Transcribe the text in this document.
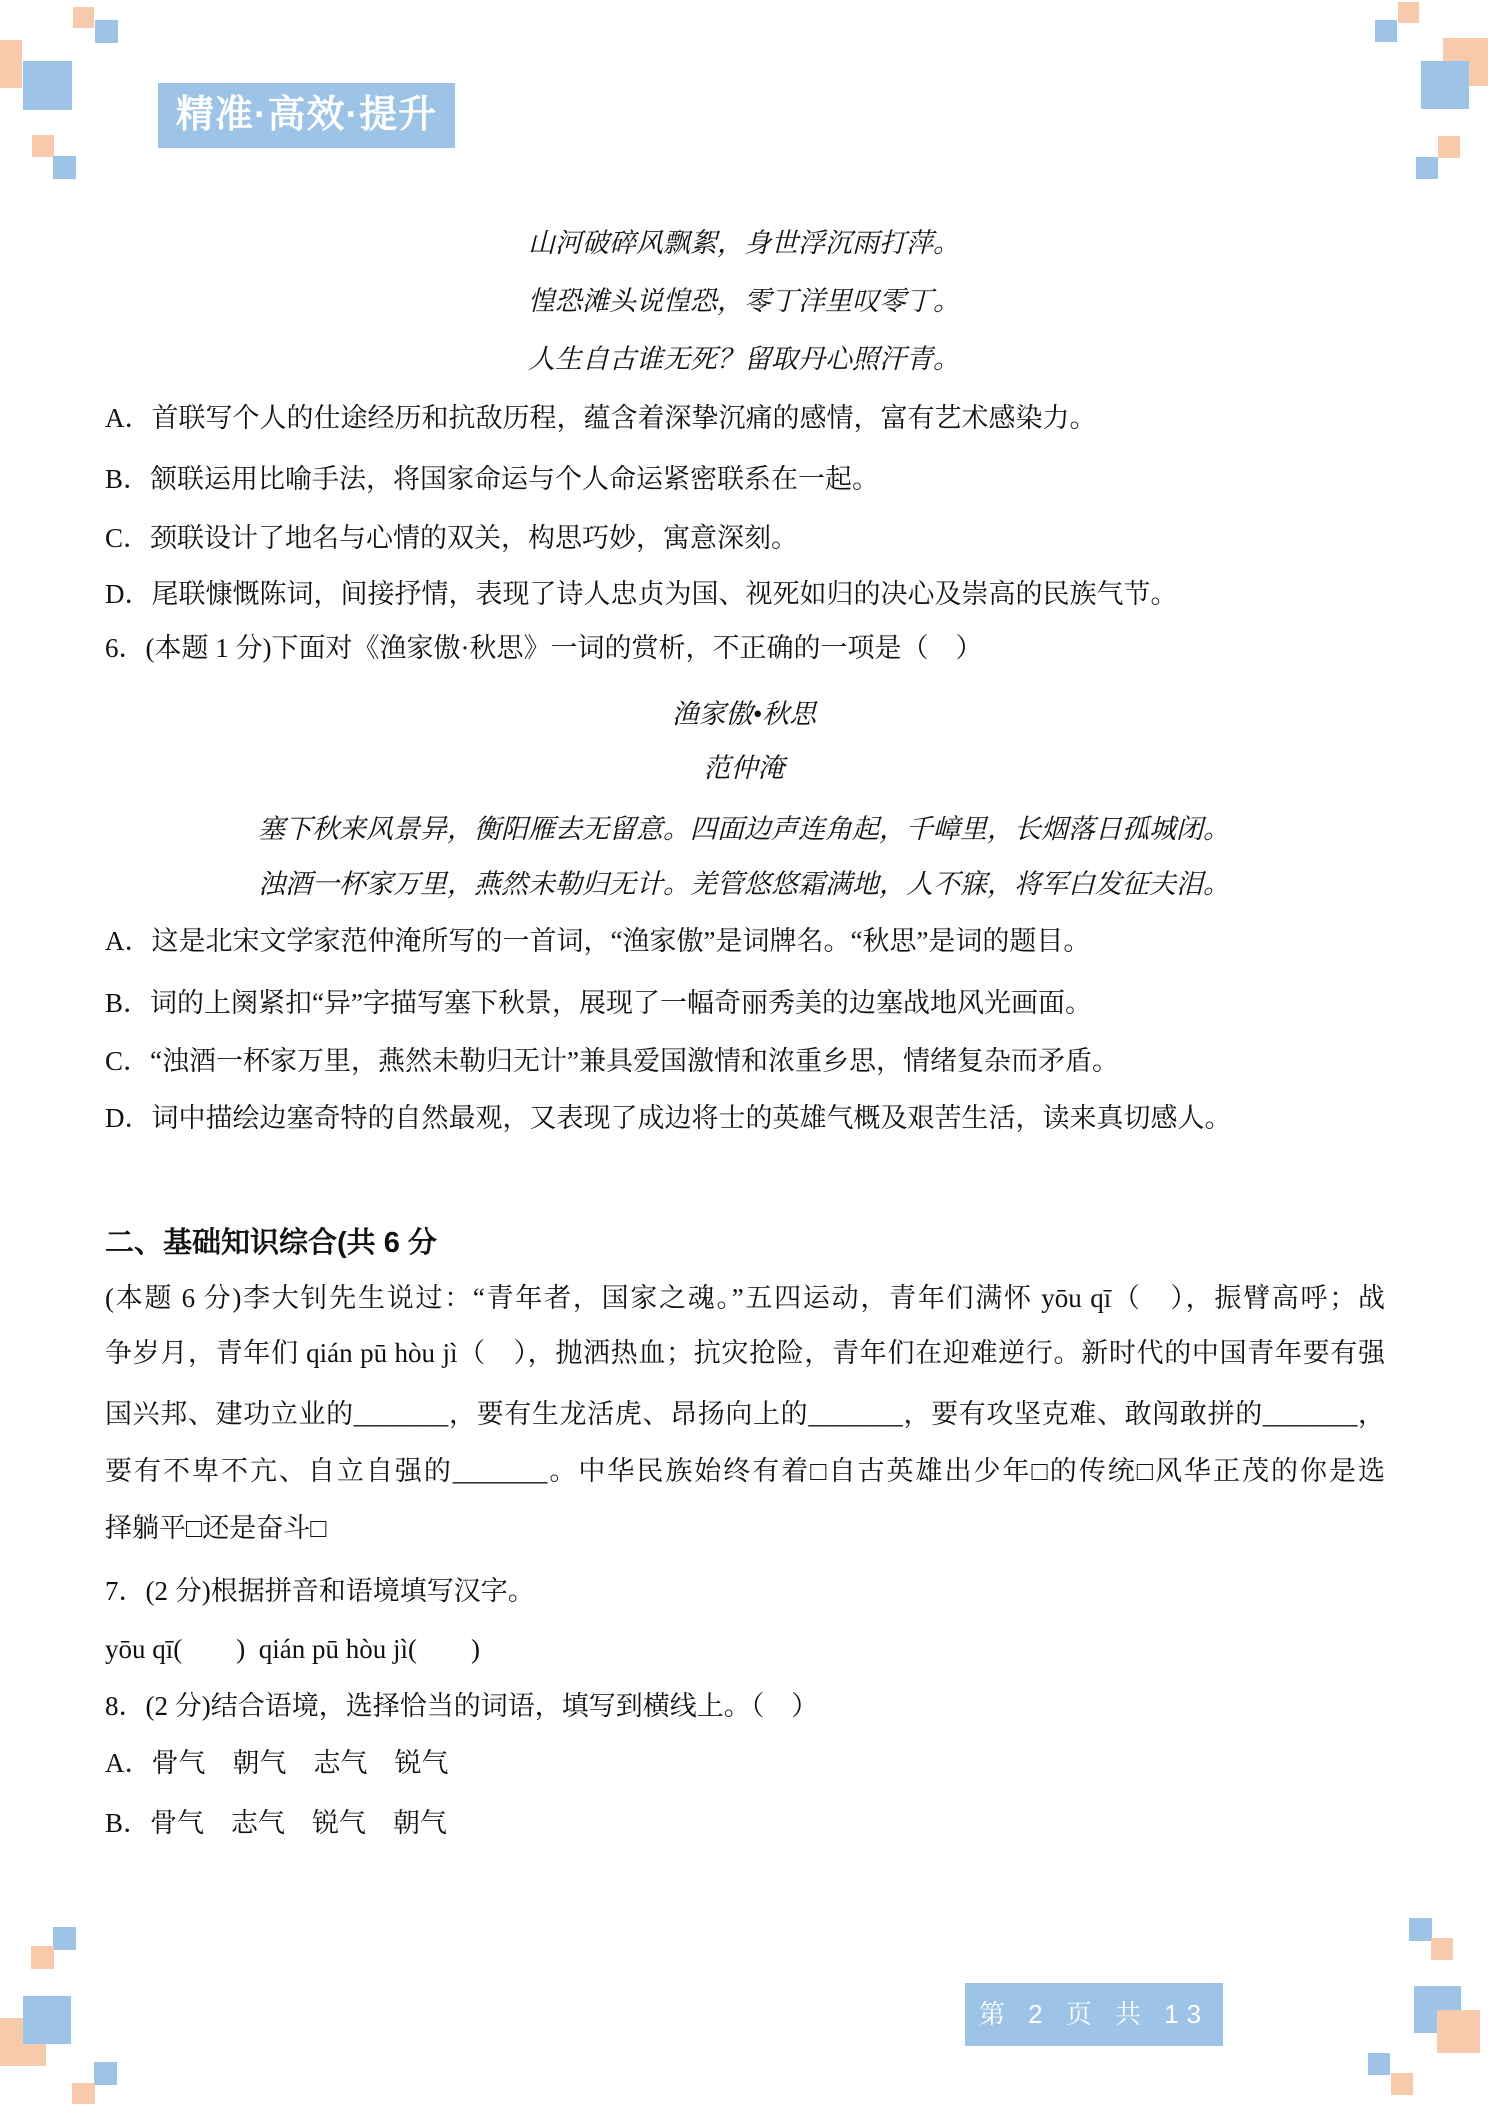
精准·高效·提升
山河破碎风飘絮，身世浮沉雨打萍。
惶恐滩头说惶恐，零丁洋里叹零丁。
人生自古谁无死？留取丹心照汗青。
A．首联写个人的仕途经历和抗敌历程，蕴含着深挚沉痛的感情，富有艺术感染力。
B．颔联运用比喻手法，将国家命运与个人命运紧密联系在一起。
C．颈联设计了地名与心情的双关，构思巧妙，寓意深刻。
D．尾联慷慨陈词，间接抒情，表现了诗人忠贞为国、视死如归的决心及崇高的民族气节。
6．(本题 1 分)下面对《渔家傲·秋思》一词的赏析，不正确的一项是（　）
渔家傲•秋思
范仲淹
塞下秋来风景异，衡阳雁去无留意。四面边声连角起，千嶂里，长烟落日孤城闭。
浊酒一杯家万里，燕然未勒归无计。羌管悠悠霜满地，人不寐，将军白发征夫泪。
A．这是北宋文学家范仲淹所写的一首词，“渔家傲”是词牌名。“秋思”是词的题目。
B．词的上阕紧扣“异”字描写塞下秋景，展现了一幅奇丽秀美的边塞战地风光画面。
C．“浊酒一杯家万里，燕然未勒归无计”兼具爱国激情和浓重乡思，情绪复杂而矛盾。
D．词中描绘边塞奇特的自然最观，又表现了成边将士的英雄气概及艰苦生活，读来真切感人。
二、基础知识综合(共 6 分
(本题 6 分)李大钊先生说过：“青年者，国家之魂。”五四运动，青年们满怀 yōu qī（　），振臂高呼；战
争岁月，青年们 qián pū hòu jì（　），抛洒热血；抗灾抢险，青年们在迎难逆行。新时代的中国青年要有强
国兴邦、建功立业的_______，要有生龙活虎、昂扬向上的_______，要有攻坚克难、敢闯敢拼的_______，
要有不卑不亢、自立自强的_______。中华民族始终有着□自古英雄出少年□的传统□风华正茂的你是选
择躺平□还是奋斗□
7．(2 分)根据拼音和语境填写汉字。
yōu qī(  )  qián pū hòu jì(  )
8．(2 分)结合语境，选择恰当的词语，填写到横线上。（　）
A．骨气　朝气　志气　锐气
B．骨气　志气　锐气　朝气
第 2 页 共 13 页
